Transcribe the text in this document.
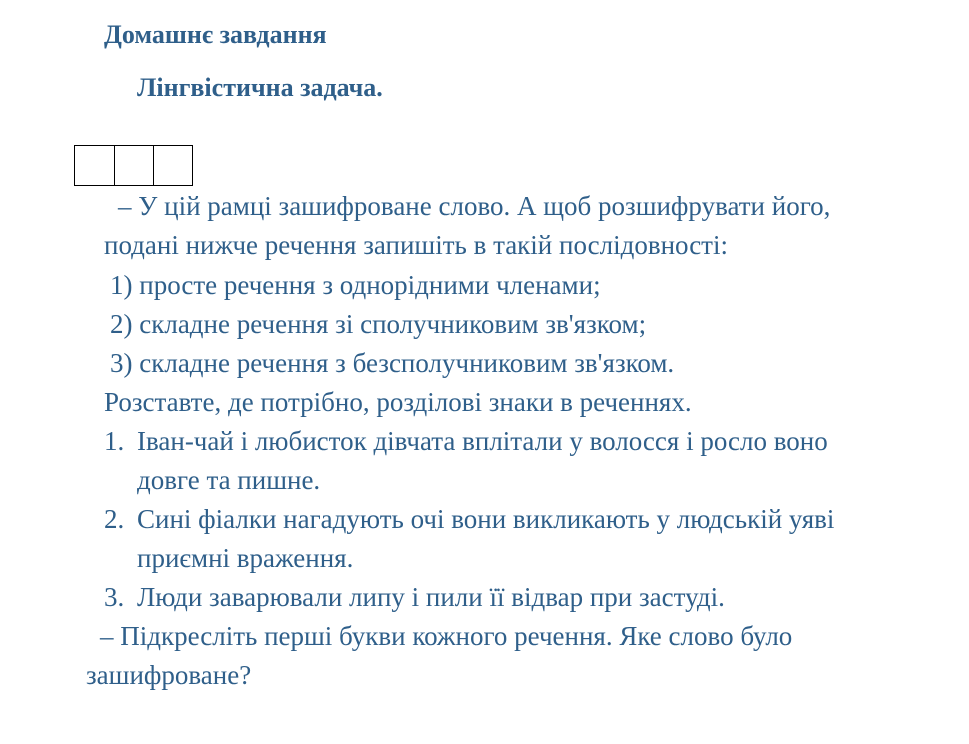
Домашнє завдання
Лінгвістична задача.
– У цій рамці зашифроване слово. А щоб розшифрувати його,
подані нижче речення запишіть в такій послідовності:
1) просте речення з однорідними членами;
2) складне речення зі сполучниковим зв'язком;
3) складне речення з безсполучниковим зв'язком.
Розставте, де потрібно, розділові знаки в реченнях.
1. Іван-чай і любисток дівчата вплітали у волосся і росло воно
довге та пишне.
2. Сині фіалки нагадують очі вони викликають у людській уяві
приємні враження.
3. Люди заварювали липу і пили її відвар при застуді.
– Підкресліть перші букви кожного речення. Яке слово було
зашифроване?
